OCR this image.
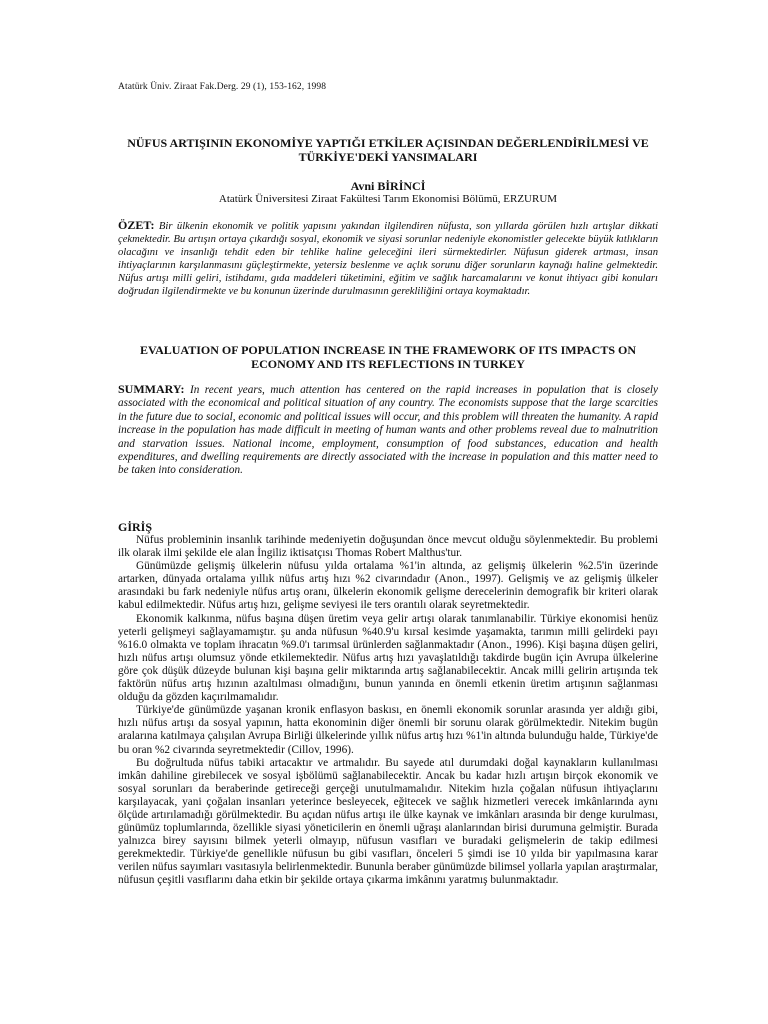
Atatürk Üniv. Ziraat Fak.Derg. 29 (1), 153-162, 1998
NÜFUS ARTIŞININ EKONOMİYE YAPTIĞI ETKİLER AÇISINDAN DEĞERLENDİRİLMESİ VE TÜRKİYE'DEKİ YANSIMALARI
Avni BİRİNCİ
Atatürk Üniversitesi Ziraat Fakültesi Tarım Ekonomisi Bölümü, ERZURUM
ÖZET: Bir ülkenin ekonomik ve politik yapısını yakından ilgilendiren nüfusta, son yıllarda görülen hızlı artışlar dikkati çekmektedir. Bu artışın ortaya çıkardığı sosyal, ekonomik ve siyasi sorunlar nedeniyle ekonomistler gelecekte büyük kıtlıkların olacağını ve insanlığı tehdit eden bir tehlike haline geleceğini ileri sürmektedirler. Nüfusun giderek artması, insan ihtiyaçlarının karşılanmasını güçleştirmekte, yetersiz beslenme ve açlık sorunu diğer sorunların kaynağı haline gelmektedir. Nüfus artışı milli geliri, istihdamı, gıda maddeleri tüketimini, eğitim ve sağlık harcamalarını ve konut ihtiyacı gibi konuları doğrudan ilgilendirmekte ve bu konunun üzerinde durulmasının gerekliliğini ortaya koymaktadır.
EVALUATION OF POPULATION INCREASE IN THE FRAMEWORK OF ITS IMPACTS ON ECONOMY AND ITS REFLECTIONS IN TURKEY
SUMMARY: In recent years, much attention has centered on the rapid increases in population that is closely associated with the economical and political situation of any country. The economists suppose that the large scarcities in the future due to social, economic and political issues will occur, and this problem will threaten the humanity. A rapid increase in the population has made difficult in meeting of human wants and other problems reveal due to malnutrition and starvation issues. National income, employment, consumption of food substances, education and health expenditures, and dwelling requirements are directly associated with the increase in population and this matter need to be taken into consideration.
GİRİŞ

Nüfus probleminin insanlık tarihinde medeniyetin doğuşundan önce mevcut olduğu söylenmektedir. Bu problemi ilk olarak ilmi şekilde ele alan İngiliz iktisatçısı Thomas Robert Malthus'tur.

Günümüzde gelişmiş ülkelerin nüfusu yılda ortalama %1'in altında, az gelişmiş ülkelerin %2.5'in üzerinde artarken, dünyada ortalama yıllık nüfus artış hızı %2 civarındadır (Anon., 1997). Gelişmiş ve az gelişmiş ülkeler arasındaki bu fark nedeniyle nüfus artış oranı, ülkelerin ekonomik gelişme derecelerinin demografik bir kriteri olarak kabul edilmektedir. Nüfus artış hızı, gelişme seviyesi ile ters orantılı olarak seyretmektedir.

Ekonomik kalkınma, nüfus başına düşen üretim veya gelir artışı olarak tanımlanabilir. Türkiye ekonomisi henüz yeterli gelişmeyi sağlayamamıştır. şu anda nüfusun %40.9'u kırsal kesimde yaşamakta, tarımın milli gelirdeki payı %16.0 olmakta ve toplam ihracatın %9.0'ı tarımsal ürünlerden sağlanmaktadır (Anon., 1996). Kişi başına düşen geliri, hızlı nüfus artışı olumsuz yönde etkilemektedir. Nüfus artış hızı yavaşlatıldığı takdirde bugün için Avrupa ülkelerine göre çok düşük düzeyde bulunan kişi başına gelir miktarında artış sağlanabilecektir. Ancak milli gelirin artışında tek faktörün nüfus artış hızının azaltılması olmadığını, bunun yanında en önemli etkenin üretim artışının sağlanması olduğu da gözden kaçırılmamalıdır.

Türkiye'de günümüzde yaşanan kronik enflasyon baskısı, en önemli ekonomik sorunlar arasında yer aldığı gibi, hızlı nüfus artışı da sosyal yapının, hatta ekonominin diğer önemli bir sorunu olarak görülmektedir. Nitekim bugün aralarına katılmaya çalışılan Avrupa Birliği ülkelerinde yıllık nüfus artış hızı %1'in altında bulunduğu halde, Türkiye'de bu oran %2 civarında seyretmektedir (Cillov, 1996).

Bu doğrultuda nüfus tabiki artacaktır ve artmalıdır. Bu sayede atıl durumdaki doğal kaynakların kullanılması imkân dahiline girebilecek ve sosyal işbölümü sağlanabilecektir. Ancak bu kadar hızlı artışın birçok ekonomik ve sosyal sorunları da beraberinde getireceği gerçeği unutulmamalıdır. Nitekim hızla çoğalan nüfusun ihtiyaçlarını karşılayacak, yani çoğalan insanları yeterince besleyecek, eğitecek ve sağlık hizmetleri verecek imkânlarında aynı ölçüde artırılamadığı görülmektedir. Bu açıdan nüfus artışı ile ülke kaynak ve imkânları arasında bir denge kurulması, günümüz toplumlarında, özellikle siyasi yöneticilerin en önemli uğraşı alanlarından birisi durumuna gelmiştir. Burada yalnızca birey sayısını bilmek yeterli olmayıp, nüfusun vasıfları ve buradaki gelişmelerin de takip edilmesi gerekmektedir. Türkiye'de genellikle nüfusun bu gibi vasıfları, önceleri 5 şimdi ise 10 yılda bir yapılmasına karar verilen nüfus sayımları vasıtasıyla belirlenmektedir. Bununla beraber günümüzde bilimsel yollarla yapılan araştırmalar, nüfusun çeşitli vasıflarını daha etkin bir şekilde ortaya çıkarma imkânını yaratmış bulunmaktadır.
